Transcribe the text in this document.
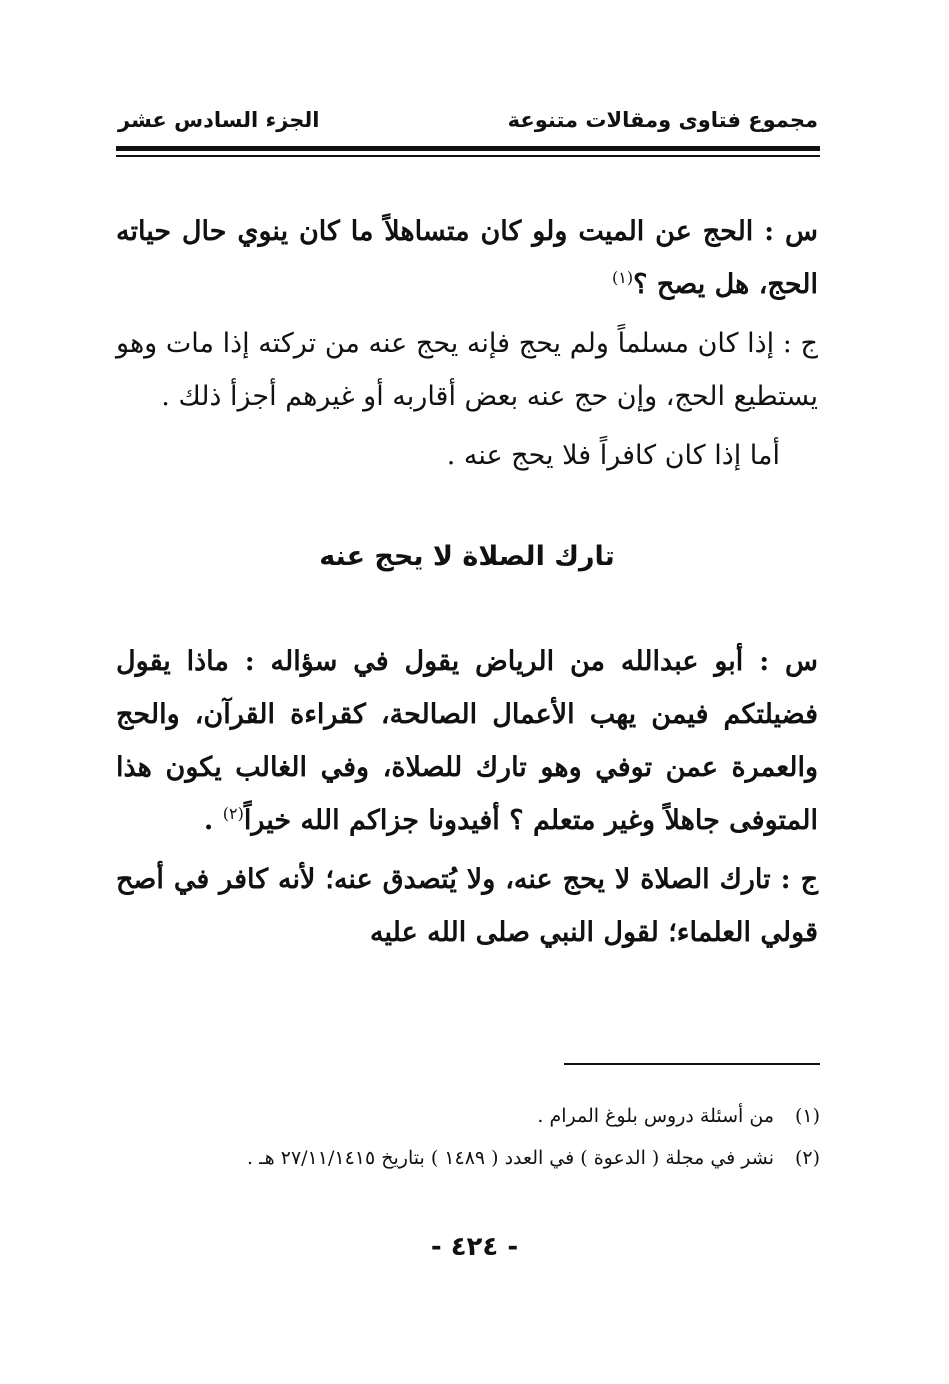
مجموع فتاوى ومقالات متنوعة
الجزء السادس عشر

س : الحج عن الميت ولو كان متساهلاً ما كان ينوي حال حياته الحج، هل يصح ؟$^{(١)}$

ج : إذا كان مسلماً ولم يحج فإنه يحج عنه من تركته إذا مات وهو يستطيع الحج، وإن حج عنه بعض أقاربه أو غيرهم أجزأ ذلك .

أما إذا كان كافراً فلا يحج عنه .

تارك الصلاة لا يحج عنه

س : أبو عبدالله من الرياض يقول في سؤاله : ماذا يقول فضيلتكم فيمن يهب الأعمال الصالحة، كقراءة القرآن، والحج والعمرة عمن توفي وهو تارك للصلاة، وفي الغالب يكون هذا المتوفى جاهلاً وغير متعلم ؟ أفيدونا جزاكم الله خيراً$^{(٢)}$ .

ج : تارك الصلاة لا يحج عنه، ولا يُتصدق عنه؛ لأنه كافر في أصح قولي العلماء؛ لقول النبي صلى الله عليه

(١)
من أسئلة دروس بلوغ المرام .
(٢)
نشر في مجلة ( الدعوة ) في العدد ( ١٤٨٩ ) بتاريخ ٢٧/١١/١٤١٥ هـ .
- ٤٢٤ -
